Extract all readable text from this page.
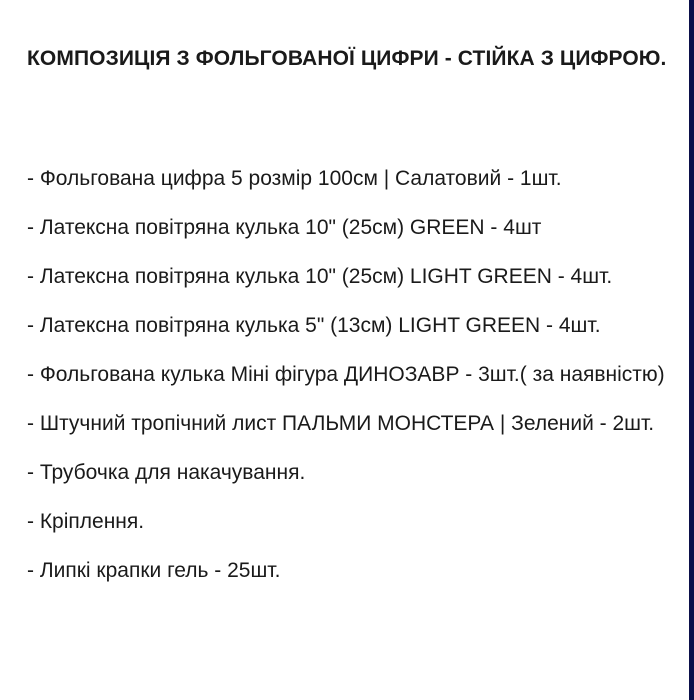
КОМПОЗИЦІЯ З ФОЛЬГОВАНОЇ ЦИФРИ - СТІЙКА З ЦИФРОЮ.
- Фольгована цифра 5 розмір 100см | Салатовий - 1шт.
- Латексна повітряна кулька 10" (25см) GREEN - 4шт
- Латексна повітряна кулька 10" (25см) LIGHT GREEN - 4шт.
- Латексна повітряна кулька 5" (13см) LIGHT GREEN - 4шт.
- Фольгована кулька Міні фігура ДИНОЗАВР - 3шт.( за наявністю)
- Штучний тропічний лист ПАЛЬМИ МОНСТЕРА | Зелений - 2шт.
- Трубочка для накачування.
- Кріплення.
- Липкі крапки гель - 25шт.
